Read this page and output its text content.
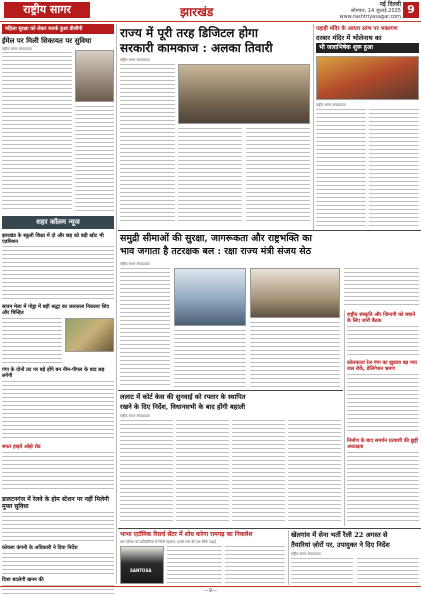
राष्ट्रीय सागर	झारखंड
नई दिल्ली
सोमवार, 14 जुलाई 2025
www.rashtriyasagar.com
9
महिला सुरक्षा को लेकर सतर्क हुआ डीसीपी
ईमेल पर मिली शिकायत पर सुविधा
राष्ट्रीय सागर संवाददाता
शहर कॉलम न्यूज
झारखंड के स्कूली शिक्षा में दो और छह को बड़ी खोट भी एडमिशन
सावन मेला में गोड्डा में बही श्रद्धा का जलजला निकाला शिव और चिन्हित
गंगा के दोनों तट पर बड़े होंगे बन नीम-पीपल के बाद छह लगेगी
सफर हाइवे ओझे रोड
डालटनगंज में रेलवे के होम स्टेशन पर नहीं मिलेगी मुफ्त सुविधा
कोयला कंपनी के अधिकारी ने दिया निर्देश
दिशा बदलेगी खनन की
राज्य में पूरी तरह डिजिटल होगा
सरकारी कामकाज : अलका तिवारी
राष्ट्रीय सागर संवाददाता
पहाड़ी मंदिर के आधार स्तंभ पर भक्तगण
दरबार मंदिर में भोलेनाथ का
भी जलाभिषेक शुरू हुआ
राष्ट्रीय सागर संवाददाता
समुद्री सीमाओं की सुरक्षा, जागरूकता और राष्ट्रभक्ति का
भाव जगाता है तटरक्षक बल : रक्षा राज्य मंत्री संजय सेठ
राष्ट्रीय सागर संवाददाता
ललाट में कोर्ट केस की सुनवाई को रफ्तार के स्थापित
रखने के दिए निर्देश, विधानसभी के बाद होंगी बहाली
राष्ट्रीय सागर संवाददाता
राष्ट्रीय संस्कृति और जिन्दगी को बचाने के लिए जारी बैठक
कोलकाता रेल गंगा का झुकाव बड़ गया जल रोकें, डेलिगेशन भ्रमण
निर्माण के बाद समर्थन प्रत्याशी की छुट्टी अध्यक्षता
भाभा एटॉमिक रिसर्च सेंटर में शोध करेगा रामगढ़ का निकलेश
उस प्रतिभा को प्रतियोगिता में मिली पहचान, इसरो स्तर की एक सिर्फ पढ़ाई
SANTOSA
खेलगांव में सेना भर्ती रैली 22 अगस्त से
तैयारियां ज़ोरों पर, उपायुक्त ने दिए निर्देश
राष्ट्रीय सागर संवाददाता
—9—
